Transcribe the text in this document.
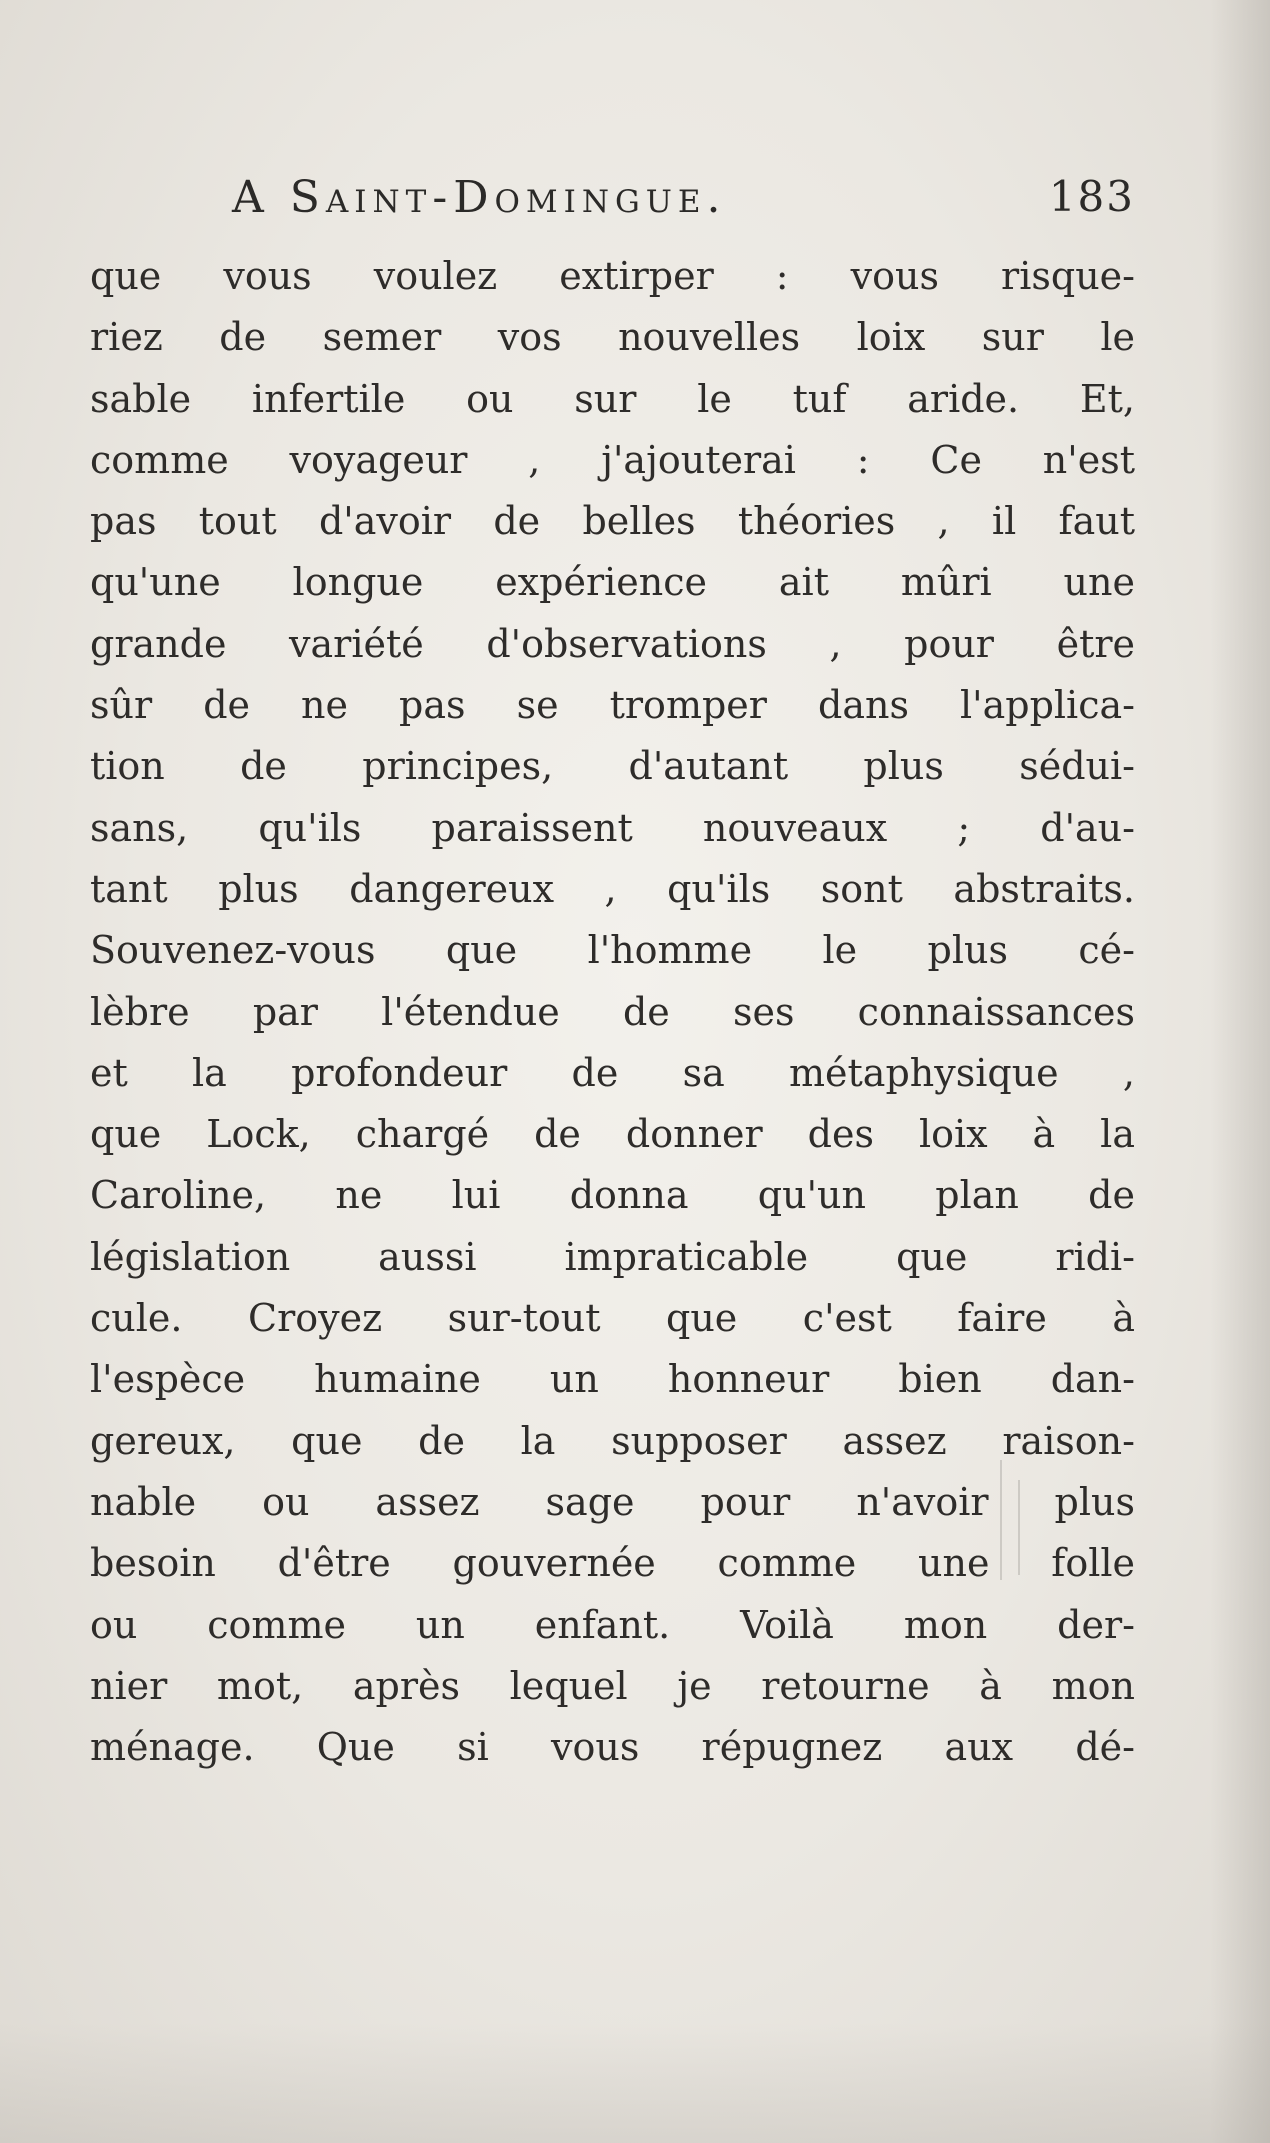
A Saint-Domingue.	183
que vous voulez extirper : vous risque-
riez de semer vos nouvelles loix sur le
sable infertile ou sur le tuf aride. Et,
comme voyageur , j'ajouterai : Ce n'est
pas tout d'avoir de belles théories , il faut
qu'une longue expérience ait mûri une
grande variété d'observations , pour être
sûr de ne pas se tromper dans l'applica-
tion de principes, d'autant plus sédui-
sans, qu'ils paraissent nouveaux ; d'au-
tant plus dangereux , qu'ils sont abstraits.
Souvenez-vous que l'homme le plus cé-
lèbre par l'étendue de ses connaissances
et la profondeur de sa métaphysique ,
que Lock, chargé de donner des loix à la
Caroline, ne lui donna qu'un plan de
législation aussi impraticable que ridi-
cule. Croyez sur-tout que c'est faire à
l'espèce humaine un honneur bien dan-
gereux, que de la supposer assez raison-
nable ou assez sage pour n'avoir plus
besoin d'être gouvernée comme une folle
ou comme un enfant. Voilà mon der-
nier mot, après lequel je retourne à mon
ménage. Que si vous répugnez aux dé-
